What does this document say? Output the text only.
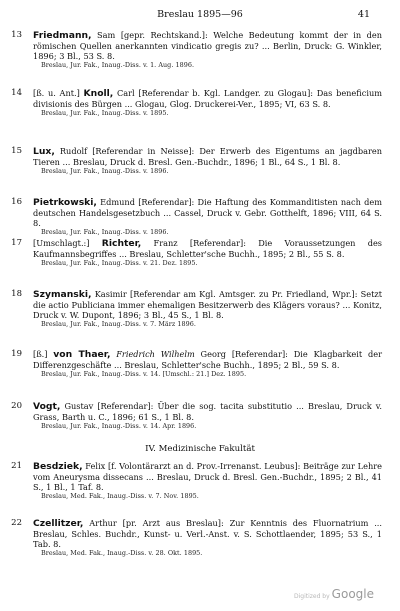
Breslau 1895—96	41
13 Friedmann, Sam [gepr. Rechtskand.]: Welche Bedeutung kommt der in den römischen Quellen anerkannten vindicatio gregis zu? ... Berlin, Druck: G. Winkler, 1896; 3 Bl., 53 S. 8.
Breslau, Jur. Fak., Inaug.-Diss. v. 1. Aug. 1896.
14 [ß. u. Ant.] Knoll, Carl [Referendar b. Kgl. Landger. zu Glogau]: Das beneficium divisionis des Bürgen ... Glogau, Glog. Druckerei-Ver., 1895; VI, 63 S. 8.
Breslau, Jur. Fak., Inaug.-Diss. v. 1895.
15 Lux, Rudolf [Referendar in Neisse]: Der Erwerb des Eigentums an jagdbaren Tieren ... Breslau, Druck d. Bresl. Gen.-Buchdr., 1896; 1 Bl., 64 S., 1 Bl. 8.
Breslau, Jur. Fak., Inaug.-Diss. v. 1896.
16 Pietrkowski, Edmund [Referendar]: Die Haftung des Kommanditisten nach dem deutschen Handelsgesetzbuch ... Cassel, Druck v. Gebr. Gotthelft, 1896; VIII, 64 S. 8.
Breslau, Jur. Fak., Inaug.-Diss. v. 1896.
17 [Umschlagt.:] Richter, Franz [Referendar]: Die Voraussetzungen des Kaufmannsbegriffes ... Breslau, Schletter'sche Buchh., 1895; 2 Bl., 55 S. 8.
Breslau, Jur. Fak., Inaug.-Diss. v. 21. Dez. 1895.
18 Szymanski, Kasimir [Referendar am Kgl. Amtsger. zu Pr. Friedland, Wpr.]: Setzt die actio Publiciana immer ehemaligen Besitzerwerb des Klägers voraus? ... Konitz, Druck v. W. Dupont, 1896; 3 Bl., 45 S., 1 Bl. 8.
Breslau, Jur. Fak., Inaug.-Diss. v. 7. März 1896.
19 [ß.] von Thaer, Friedrich Wilhelm Georg [Referendar]: Die Klagbarkeit der Differenzgeschäfte ... Breslau, Schletter'sche Buchh., 1895; 2 Bl., 59 S. 8.
Breslau, Jur. Fak., Inaug.-Diss. v. 14. [Umschl.: 21.] Dez. 1895.
20 Vogt, Gustav [Referendar]: Über die sog. tacita substitutio ... Breslau, Druck v. Grass, Barth u. C., 1896; 61 S., 1 Bl. 8.
Breslau, Jur. Fak., Inaug.-Diss. v. 14. Apr. 1896.
IV. Medizinische Fakultät
21 Besdziek, Felix [f. Volontärarzt an d. Prov.-Irrenanst. Leubus]: Beiträge zur Lehre vom Aneurysma dissecans ... Breslau, Druck d. Bresl. Gen.-Buchdr., 1895; 2 Bl., 41 S., 1 Bl., 1 Taf. 8.
Breslau, Med. Fak., Inaug.-Diss. v. 7. Nov. 1895.
22 Czellitzer, Arthur [pr. Arzt aus Breslau]: Zur Kenntnis des Fluornatrium ... Breslau, Schles. Buchdr., Kunst- u. Verl.-Anst. v. S. Schottlaender, 1895; 53 S., 1 Tab. 8.
Breslau, Med. Fak., Inaug.-Diss. v. 28. Okt. 1895.
Digitized by Google
